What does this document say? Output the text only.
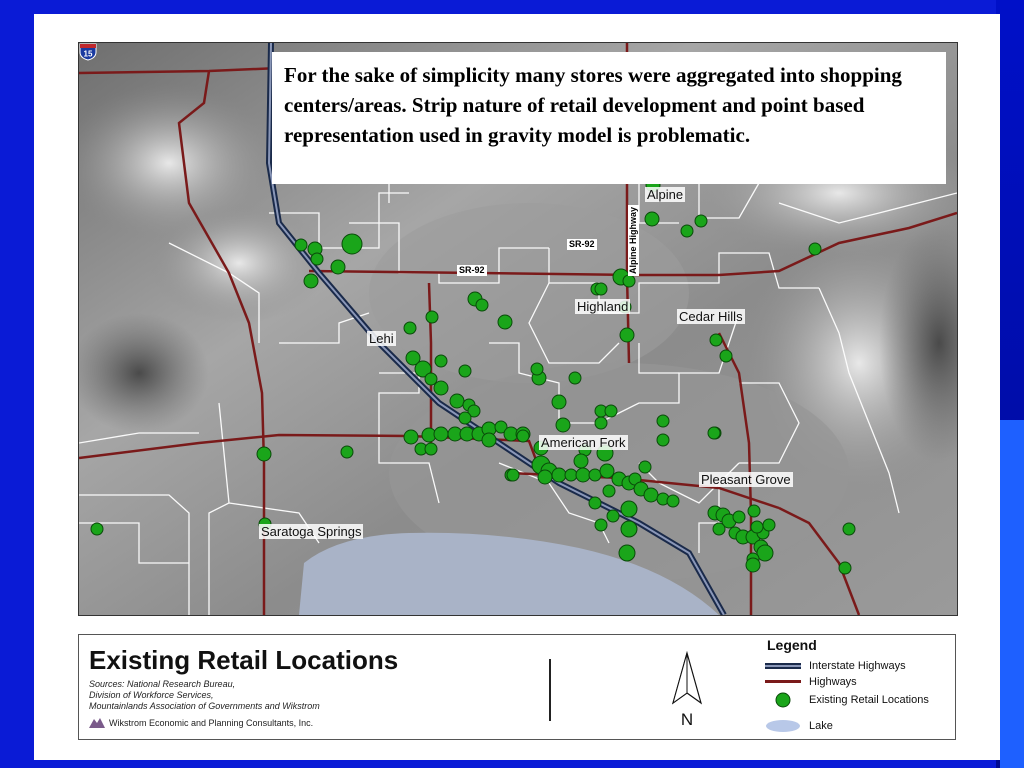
15
SR-92
SR-92
Alpine
Highland
Cedar Hills
Lehi
American Fork
Pleasant Grove
Saratoga Springs
Alpine Highway
For the sake of simplicity many stores were aggregated into shopping centers/areas. Strip nature of retail development and point based representation used in gravity model is problematic.
Existing Retail Locations
Sources: National Research Bureau,
Division of Workforce Services,
Mountainlands Association of Governments and Wikstrom
Wikstrom Economic and Planning Consultants, Inc.	N
Legend
Interstate Highways
Highways
Existing Retail Locations
Lake
